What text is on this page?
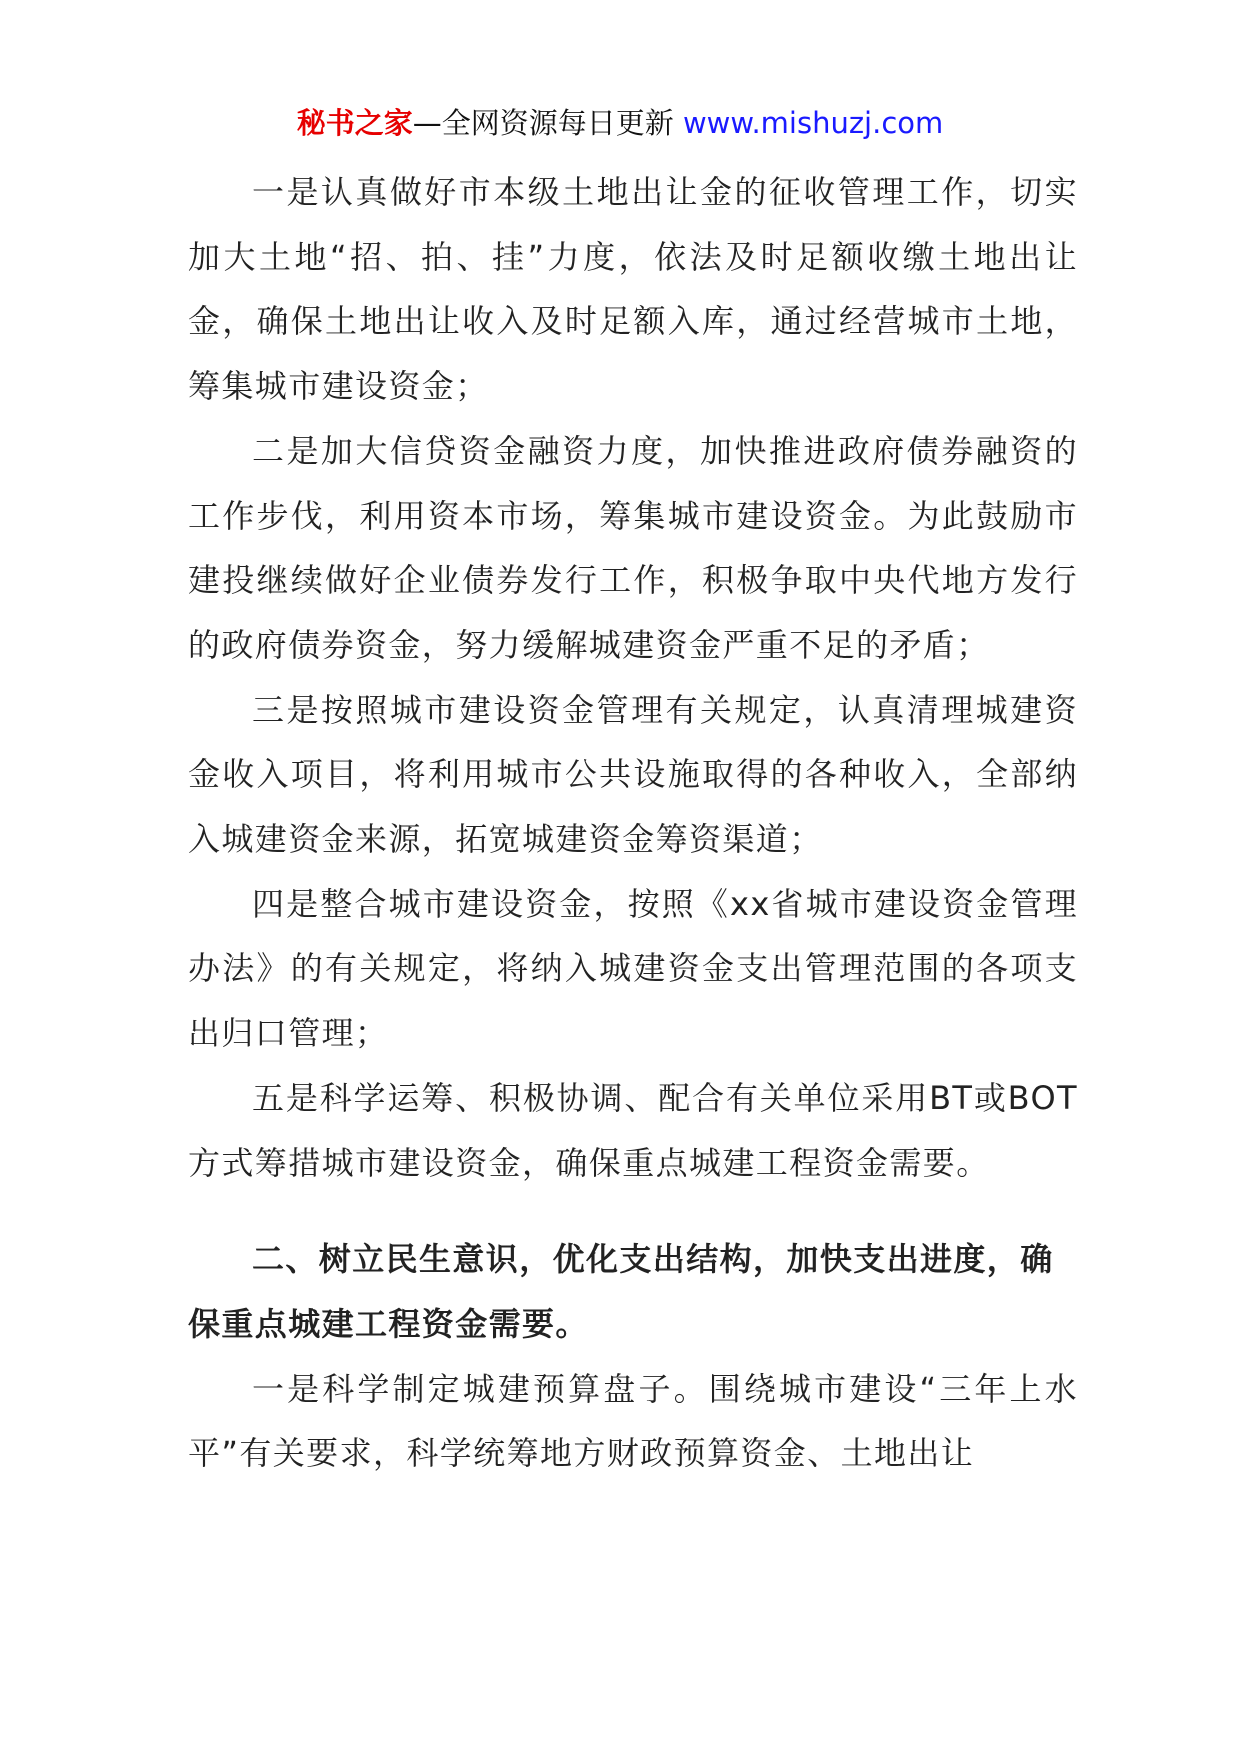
秘书之家—全网资源每日更新 www.mishuzj.com

一是认真做好市本级土地出让金的征收管理工作，切实加大土地“招、拍、挂”力度，依法及时足额收缴土地出让金，确保土地出让收入及时足额入库，通过经营城市土地，筹集城市建设资金；

二是加大信贷资金融资力度，加快推进政府债券融资的工作步伐，利用资本市场，筹集城市建设资金。为此鼓励市建投继续做好企业债券发行工作，积极争取中央代地方发行的政府债券资金，努力缓解城建资金严重不足的矛盾；

三是按照城市建设资金管理有关规定，认真清理城建资金收入项目，将利用城市公共设施取得的各种收入，全部纳入城建资金来源，拓宽城建资金筹资渠道；

四是整合城市建设资金，按照《xx省城市建设资金管理办法》的有关规定，将纳入城建资金支出管理范围的各项支出归口管理；

五是科学运筹、积极协调、配合有关单位采用BT或BOT方式筹措城市建设资金，确保重点城建工程资金需要。

二、树立民生意识，优化支出结构，加快支出进度，确保重点城建工程资金需要。

一是科学制定城建预算盘子。围绕城市建设“三年上水平”有关要求，科学统筹地方财政预算资金、土地出让
